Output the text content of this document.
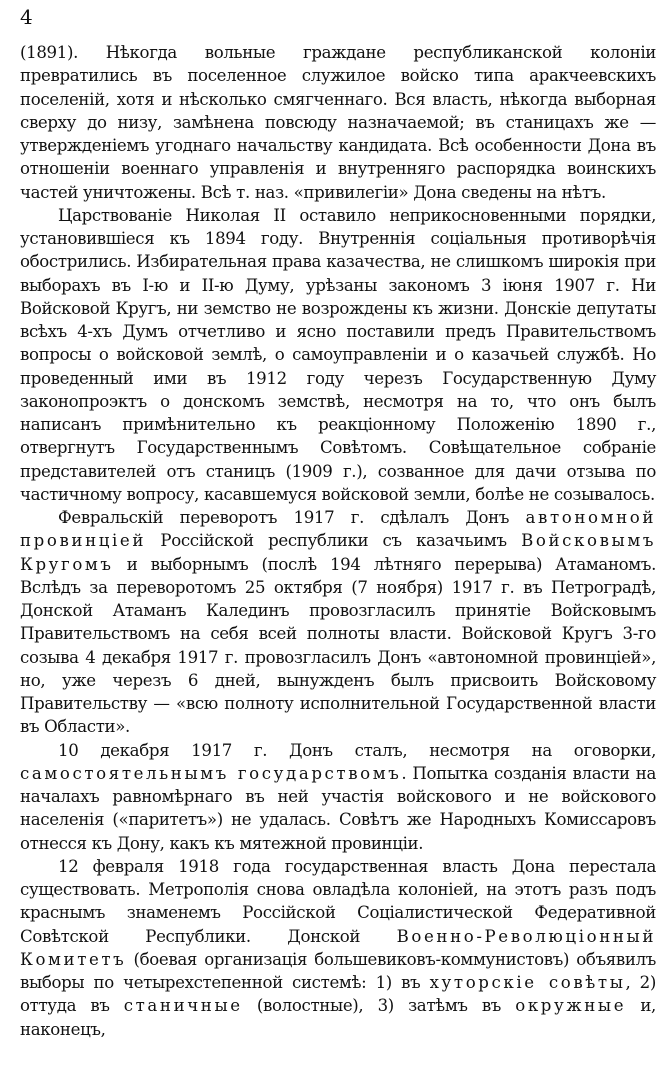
4

(1891). Нѣкогда вольные граждане республиканской колоніи превратились въ поселенное служилое войско типа аракчеевскихъ поселеній, хотя и нѣсколько смягченнаго. Вся власть, нѣкогда выборная сверху до низу, замѣнена повсюду назначаемой; въ станицахъ же — утвержденіемъ угоднаго начальству кандидата. Всѣ особенности Дона въ отношеніи военнаго управленія и внутренняго распорядка воинскихъ частей уничтожены. Всѣ т. наз. «привилегіи» Дона сведены на нѣтъ.

Царствованіе Николая II оставило неприкосновенными порядки, установившіеся къ 1894 году. Внутреннія соціальныя противорѣчія обострились. Избирательная права казачества, не слишкомъ широкія при выборахъ въ I-ю и II-ю Думу, урѣзаны закономъ 3 іюня 1907 г. Ни Войсковой Кругъ, ни земство не возрождены къ жизни. Донскіе депутаты всѣхъ 4-хъ Думъ отчетливо и ясно поставили предъ Правительствомъ вопросы о войсковой землѣ, о самоуправленіи и о казачьей службѣ. Но проведенный ими въ 1912 году черезъ Государственную Думу законопроэктъ о донскомъ земствѣ, несмотря на то, что онъ былъ написанъ примѣнительно къ реакціонному Положенію 1890 г., отвергнутъ Государственнымъ Совѣтомъ. Совѣщательное собраніе представителей отъ станицъ (1909 г.), созванное для дачи отзыва по частичному вопросу, касавшемуся войсковой земли, болѣе не созывалось.

Февральскій переворотъ 1917 г. сдѣлалъ Донъ автономной провинціей Россійской республики съ казачьимъ Войсковымъ Кругомъ и выборнымъ (послѣ 194 лѣтняго перерыва) Атаманомъ. Вслѣдъ за переворотомъ 25 октября (7 ноября) 1917 г. въ Петроградѣ, Донской Атаманъ Калединъ провозгласилъ принятіе Войсковымъ Правительствомъ на себя всей полноты власти. Войсковой Кругъ 3-го созыва 4 декабря 1917 г. провозгласилъ Донъ «автономной провинціей», но, уже черезъ 6 дней, вынужденъ былъ присвоить Войсковому Правительству — «всю полноту исполнительной Государственной власти въ Области».

10 декабря 1917 г. Донъ сталъ, несмотря на оговорки, самостоятельнымъ государствомъ. Попытка созданія власти на началахъ равномѣрнаго въ ней участія войскового и не войскового населенія («паритетъ») не удалась. Совѣтъ же Народныхъ Комиссаровъ отнесся къ Дону, какъ къ мятежной провинціи.

12 февраля 1918 года государственная власть Дона перестала существовать. Метрополія снова овладѣла колоніей, на этотъ разъ подъ краснымъ знаменемъ Россійской Соціалистической Федеративной Совѣтской Республики. Донской Военно-Революціонный Комитетъ (боевая организація большевиковъ-коммунистовъ) объявилъ выборы по четырехстепенной системѣ: 1) въ хуторскіе совѣты, 2) оттуда въ станичные (волостные), 3) затѣмъ въ окружные и, наконецъ,
